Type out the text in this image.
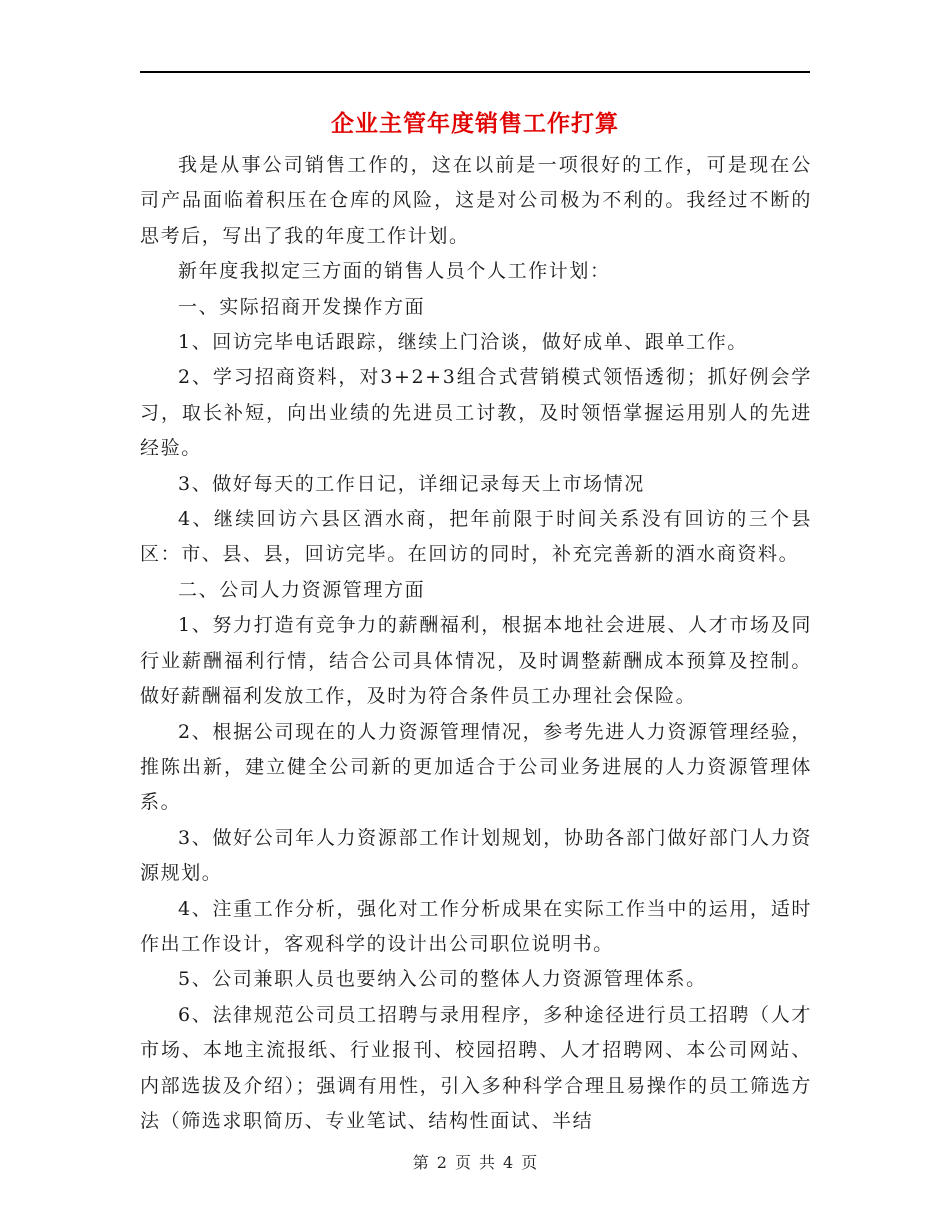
企业主管年度销售工作打算

我是从事公司销售工作的，这在以前是一项很好的工作，可是现在公司产品面临着积压在仓库的风险，这是对公司极为不利的。我经过不断的思考后，写出了我的年度工作计划。

新年度我拟定三方面的销售人员个人工作计划：

一、实际招商开发操作方面

1、回访完毕电话跟踪，继续上门洽谈，做好成单、跟单工作。

2、学习招商资料，对3+2+3组合式营销模式领悟透彻；抓好例会学习，取长补短，向出业绩的先进员工讨教，及时领悟掌握运用别人的先进经验。

3、做好每天的工作日记，详细记录每天上市场情况

4、继续回访六县区酒水商，把年前限于时间关系没有回访的三个县区：市、县、县，回访完毕。在回访的同时，补充完善新的酒水商资料。

二、公司人力资源管理方面

1、努力打造有竞争力的薪酬福利，根据本地社会进展、人才市场及同行业薪酬福利行情，结合公司具体情况，及时调整薪酬成本预算及控制。做好薪酬福利发放工作，及时为符合条件员工办理社会保险。

2、根据公司现在的人力资源管理情况，参考先进人力资源管理经验，推陈出新，建立健全公司新的更加适合于公司业务进展的人力资源管理体系。

3、做好公司年人力资源部工作计划规划，协助各部门做好部门人力资源规划。

4、注重工作分析，强化对工作分析成果在实际工作当中的运用，适时作出工作设计，客观科学的设计出公司职位说明书。

5、公司兼职人员也要纳入公司的整体人力资源管理体系。

6、法律规范公司员工招聘与录用程序，多种途径进行员工招聘（人才市场、本地主流报纸、行业报刊、校园招聘、人才招聘网、本公司网站、内部选拔及介绍）；强调有用性，引入多种科学合理且易操作的员工筛选方法（筛选求职简历、专业笔试、结构性面试、半结

第 2 页 共 4 页
